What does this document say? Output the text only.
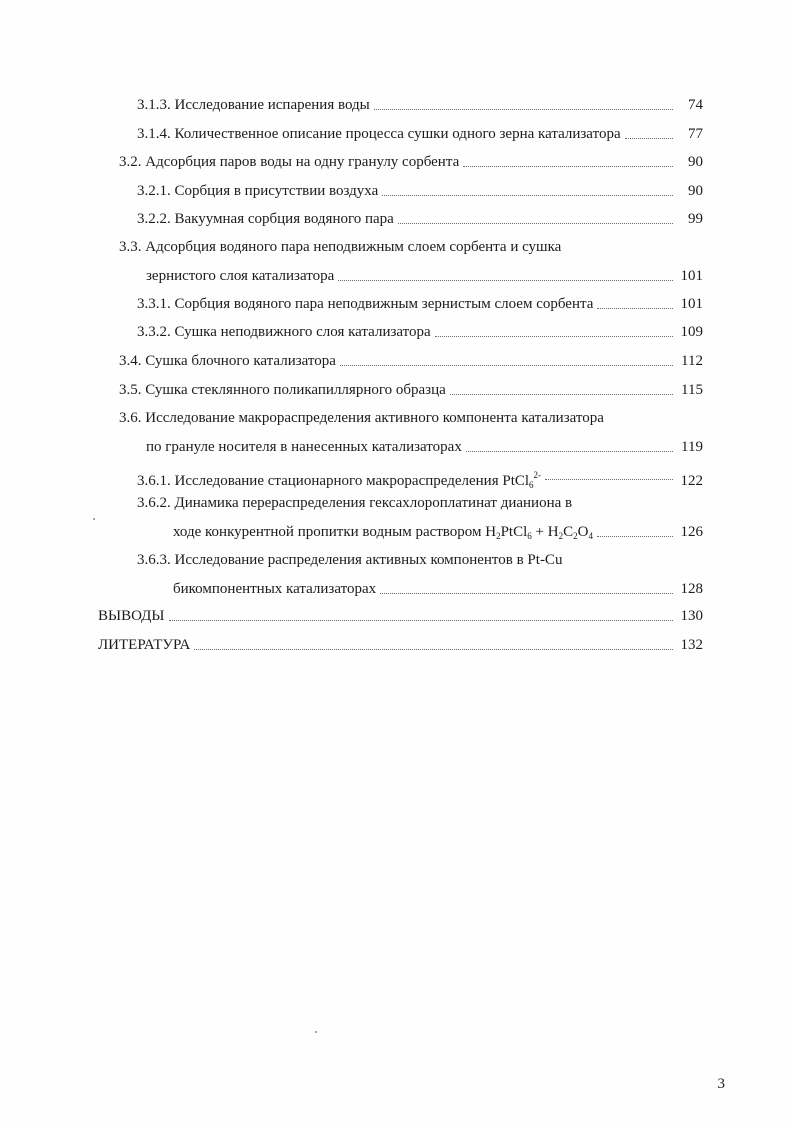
3.1.3. Исследование испарения воды	74
3.1.4. Количественное описание процесса сушки одного зерна катализатора	77
3.2. Адсорбция паров воды на одну гранулу сорбента	90
3.2.1. Сорбция в присутствии воздуха	90
3.2.2. Вакуумная сорбция водяного пара	99
3.3. Адсорбция водяного пара неподвижным слоем сорбента и сушка
зернистого слоя катализатора	101
3.3.1. Сорбция водяного пара неподвижным зернистым слоем сорбента	101
3.3.2. Сушка неподвижного слоя катализатора	109
3.4. Сушка блочного катализатора	112
3.5. Сушка стеклянного поликапиллярного образца	115
3.6. Исследование макрораспределения активного компонента катализатора
по грануле носителя в нанесенных катализаторах	119
3.6.1. Исследование стационарного макрораспределения PtCl$_6^{2-}$	122
3.6.2. Динамика перераспределения гексахлороплатинат дианиона в
ходе конкурентной пропитки водным раствором $H_2PtCl_6 + H_2C_2O_4$	126
3.6.3. Исследование распределения активных компонентов в Pt-Cu
бикомпонентных катализаторах	128
ВЫВОДЫ	130
ЛИТЕРАТУРА	132
3
